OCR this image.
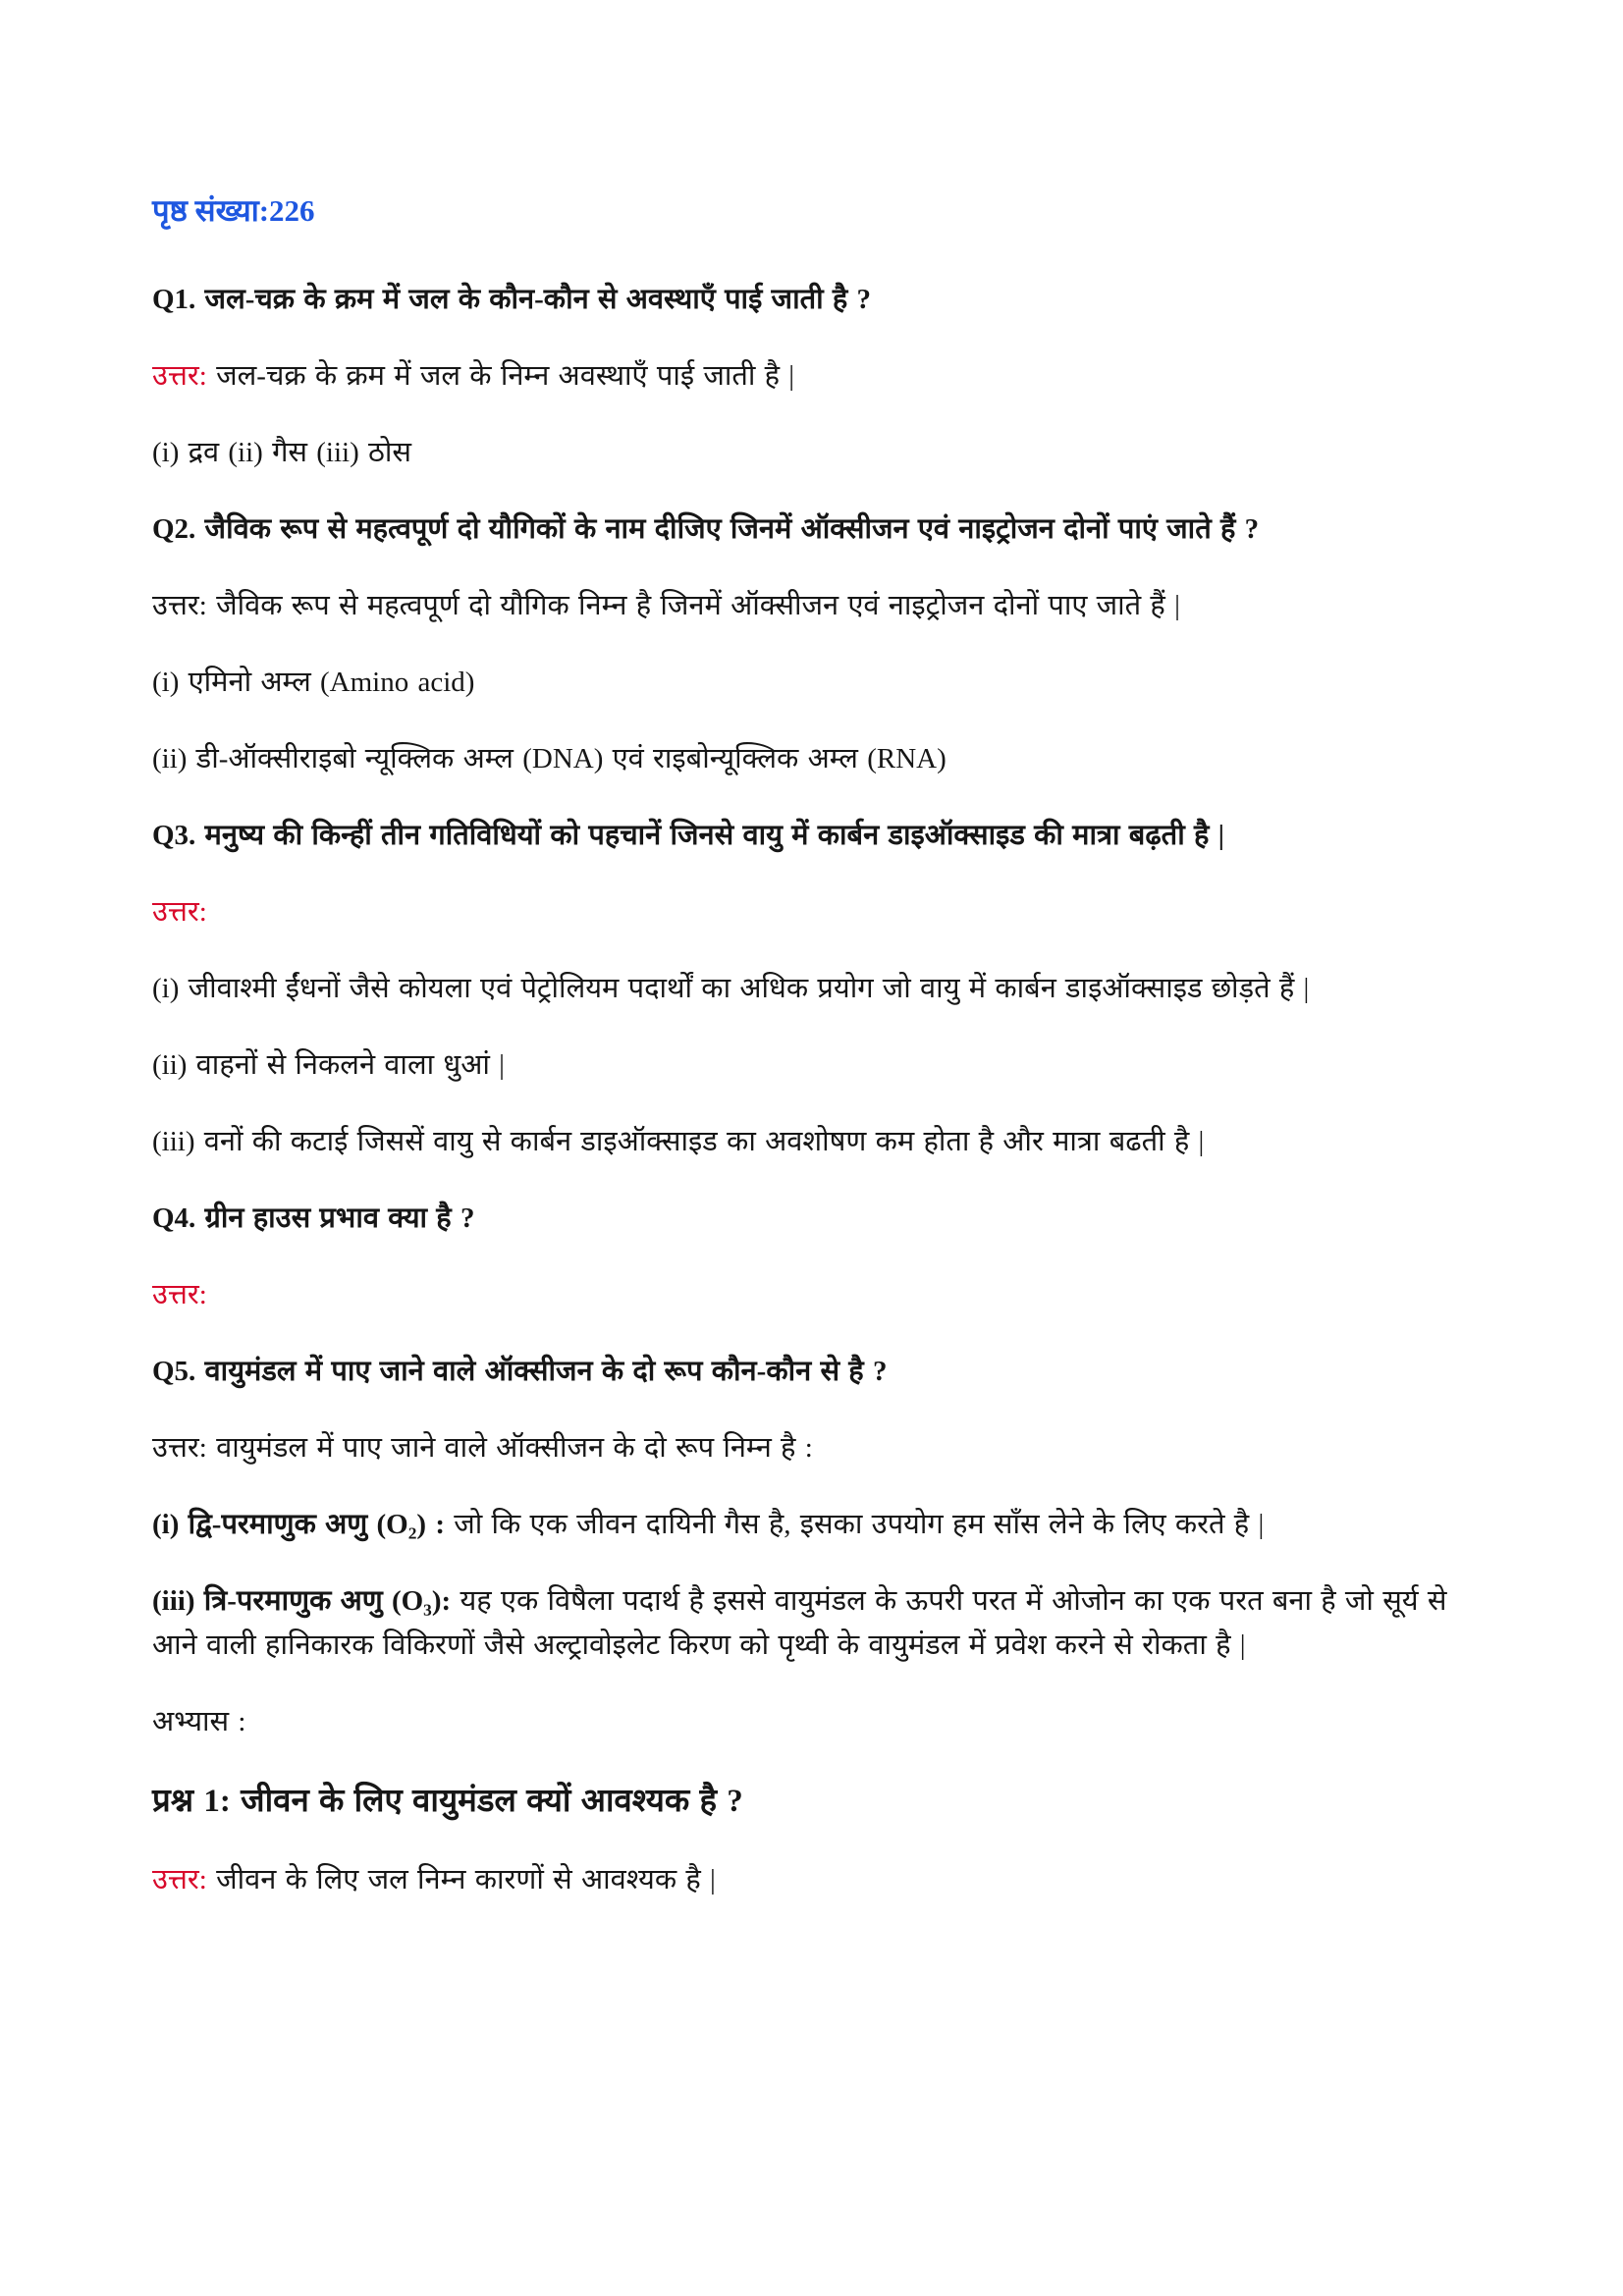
पृष्ठ संख्या:226

Q1. जल-चक्र के क्रम में जल के कौन-कौन से अवस्थाएँ पाई जाती है ?

उत्तर: जल-चक्र के क्रम में जल के निम्न अवस्थाएँ पाई जाती है |

(i) द्रव (ii) गैस (iii) ठोस

Q2. जैविक रूप से महत्वपूर्ण दो यौगिकों के नाम दीजिए जिनमें ऑक्सीजन एवं नाइट्रोजन दोनों पाएं जाते हैं ?

उत्तर: जैविक रूप से महत्वपूर्ण दो यौगिक निम्न है जिनमें ऑक्सीजन एवं नाइट्रोजन दोनों पाए जाते हैं |

(i) एमिनो अम्ल (Amino acid)

(ii) डी-ऑक्सीराइबो न्यूक्लिक अम्ल (DNA) एवं राइबोन्यूक्लिक अम्ल (RNA)

Q3. मनुष्य की किन्हीं तीन गतिविधियों को पहचानें जिनसे वायु में कार्बन डाइऑक्साइड की मात्रा बढ़ती है |

उत्तर:

(i) जीवाश्मी ईंधनों जैसे कोयला एवं पेट्रोलियम पदार्थों का अधिक प्रयोग जो वायु में कार्बन डाइऑक्साइड छोड़ते हैं |

(ii) वाहनों से निकलने वाला धुआं |

(iii) वनों की कटाई जिससें वायु से कार्बन डाइऑक्साइड का अवशोषण कम होता है और मात्रा बढती है |

Q4. ग्रीन हाउस प्रभाव क्या है ?

उत्तर:

Q5. वायुमंडल में पाए जाने वाले ऑक्सीजन के दो रूप कौन-कौन से है ?

उत्तर: वायुमंडल में पाए जाने वाले ऑक्सीजन के दो रूप निम्न है :

(i) द्वि-परमाणुक अणु (O₂) : जो कि एक जीवन दायिनी गैस है, इसका उपयोग हम साँस लेने के लिए करते है |

(iii) त्रि-परमाणुक अणु (O₃): यह एक विषैला पदार्थ है इससे वायुमंडल के ऊपरी परत में ओजोन का एक परत बना है जो सूर्य से आने वाली हानिकारक विकिरणों जैसे अल्ट्रावोइलेट किरण को पृथ्वी के वायुमंडल में प्रवेश करने से रोकता है |

अभ्यास :

प्रश्न 1: जीवन के लिए वायुमंडल क्यों आवश्यक है ?

उत्तर: जीवन के लिए जल निम्न कारणों से आवश्यक है |
